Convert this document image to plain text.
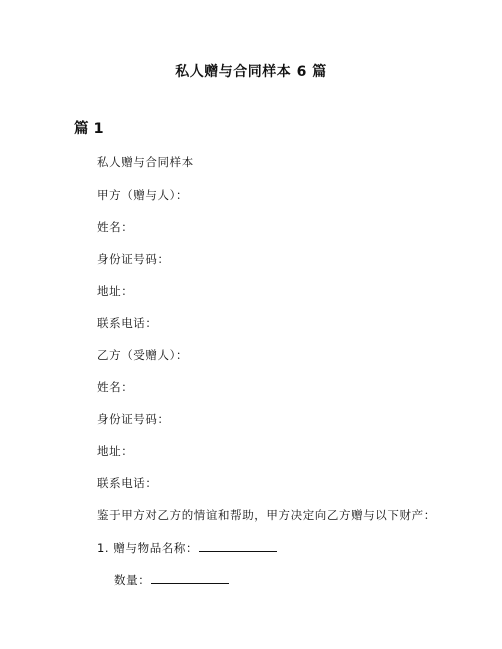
私人赠与合同样本 6 篇
篇 1
私人赠与合同样本
甲方（赠与人）：
姓名：
身份证号码：
地址：
联系电话：
乙方（受赠人）：
姓名：
身份证号码：
地址：
联系电话：
鉴于甲方对乙方的情谊和帮助，甲方决定向乙方赠与以下财产：
1. 赠与物品名称：
数量：
